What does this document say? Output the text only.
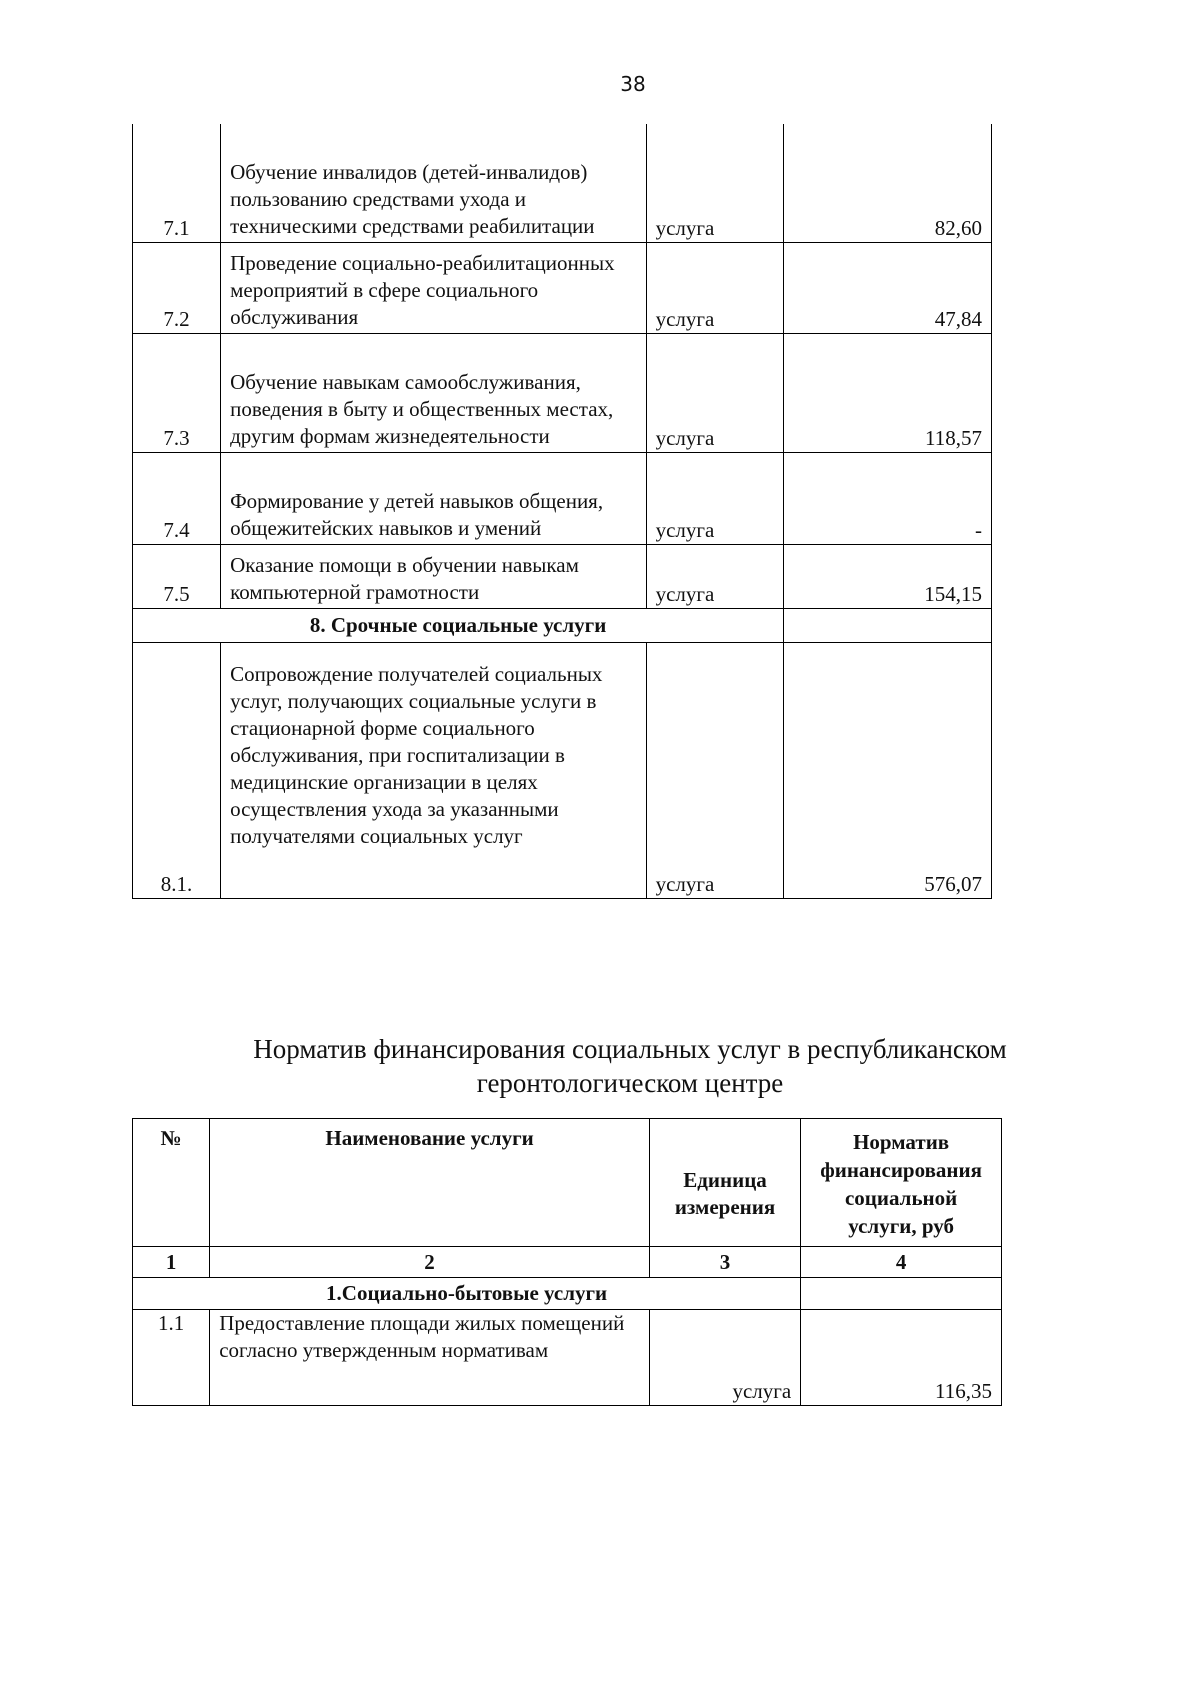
38
7.1	Обучение инвалидов (детей-инвалидов) пользованию средствами ухода и техническими средствами реабилитации	услуга	82,60
7.2	Проведение социально-реабилитационных мероприятий в сфере социального обслуживания	услуга	47,84
7.3	Обучение навыкам самообслуживания, поведения в быту и общественных местах, другим формам жизнедеятельности	услуга	118,57
7.4	Формирование у детей навыков общения, общежитейских навыков и умений	услуга	-
7.5	Оказание помощи в обучении навыкам компьютерной грамотности	услуга	154,15
8. Срочные социальные услуги			
8.1.	Сопровождение получателей социальных услуг, получающих социальные услуги в стационарной форме социального обслуживания, при госпитализации в медицинские организации в целях осуществления ухода за указанными получателями социальных услуг	услуга	576,07
Норматив финансирования социальных услуг в республиканском геронтологическом центре
№	Наименование услуги	Единица измерения	Норматив финансирования социальной услуги, руб
1	2	3	4
1.Социально-бытовые услуги			
1.1	Предоставление площади жилых помещений согласно утвержденным нормативам	услуга	116,35
